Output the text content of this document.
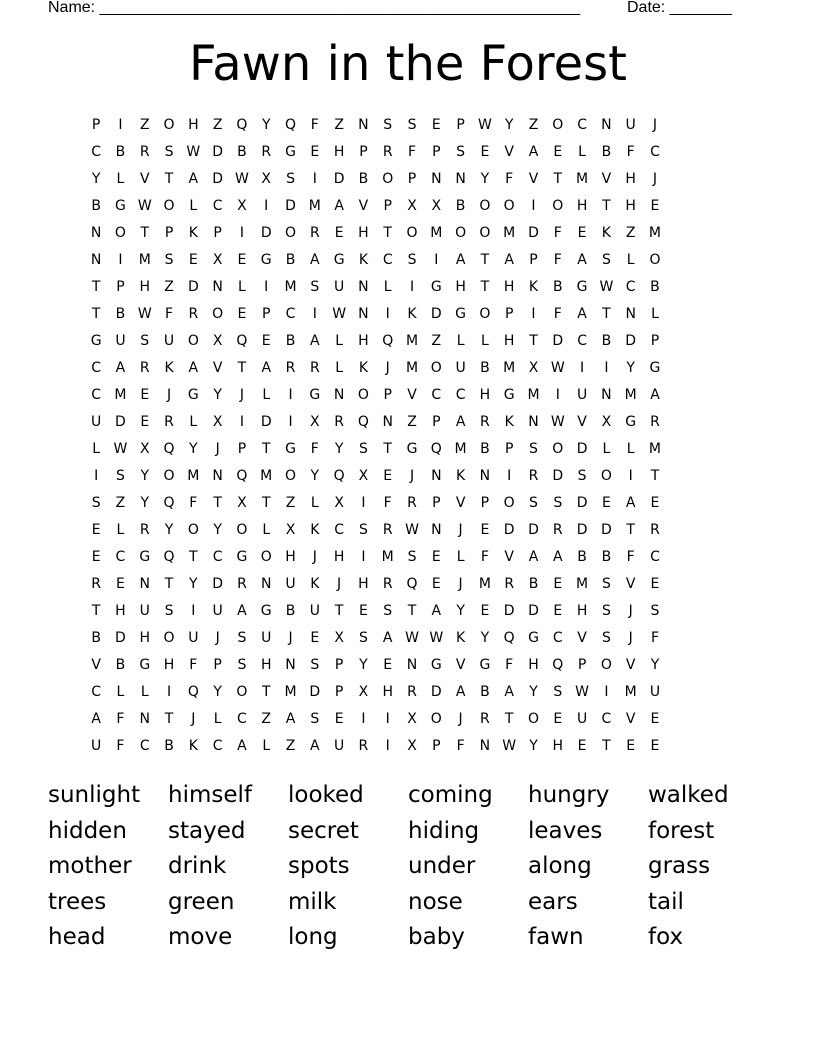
Name: ______________________________________________________	Date: _______
Fawn in the Forest
P	I	Z O H	Z Q	Y	Q	F	Z	N	S	S	E	P W Y	Z O C	N U	J
C	B	R	S W D	B	R	G	E	H	P	R	F	P	S	E	V	A	E	L	B	F	C
Y	L	V	T	A	D W X	S	I	D	B O	P	N N	Y	F	V	T M V	H	J
B	G W O	L	C	X	I	D M A	V	P	X	X	B O O	I	O H	T	H	E
N O	T	P	K	P	I	D O R	E	H	T	O M O O M D	F	E	K	Z M
N	I	M S	E	X	E	G	B	A	G	K	C	S	I	A	T	A	P	F	A	S	L	O
T	P	H	Z	D N	L	I	M S	U N	L	I	G H	T	H	K	B	G W C	B
T	B W F	R O	E	P	C	I	W N	I	K	D G O	P	I	F	A	T	N	L
G U	S	U O X Q	E	B	A	L	H Q M Z	L	L	H	T	D	C	B	D	P
C	A	R	K	A	V	T	A	R	R	L	K	J	M O U	B M X W	I	I	Y	G
C M E	J	G	Y	J	L	I	G N O	P	V	C	C	H G M	I	U N M A
U D	E	R	L	X	I	D	I	X	R Q N	Z	P	A	R	K	N W V	X	G	R
L W X Q	Y	J	P	T	G	F	Y	S	T	G Q M B	P	S	O D	L	L	M
I	S	Y	O M N Q M O	Y	Q X	E	J	N	K	N	I	R	D	S	O	I	T
S	Z	Y	Q	F	T	X	T	Z	L	X	I	F	R	P	V	P	O	S	S	D	E	A	E
E	L	R	Y	O	Y	O	L	X	K	C	S	R W N	J	E	D D	R	D D	T	R
E	C G Q	T	C G O H	J	H	I	M S	E	L	F	V	A	A	B	B	F	C
R	E	N	T	Y	D	R	N U	K	J	H	R Q	E	J	M R	B	E M S	V	E
T	H U	S	I	U	A	G	B	U	T	E	S	T	A	Y	E	D D	E	H	S	J	S
B	D H O U	J	S	U	J	E	X	S	A W W K	Y	Q G C	V	S	J	F
V	B	G H	F	P	S	H N	S	P	Y	E	N G	V	G	F	H Q	P	O	V	Y
C	L	L	I	Q	Y	O	T M D	P	X	H	R	D	A	B	A	Y	S W	I	M U
A	F	N	T	J	L	C	Z	A	S	E	I	I	X O	J	R	T	O	E	U	C	V	E
U	F	C	B	K	C	A	L	Z	A	U	R	I	X	P	F	N W Y	H	E	T	E	E
sunlight	himself	looked	coming	hungry	walked
hidden	stayed	secret	hiding	leaves	forest
mother	drink	spots	under	along	grass
trees	green	milk	nose	ears	tail
head	move	long	baby	fawn	fox
